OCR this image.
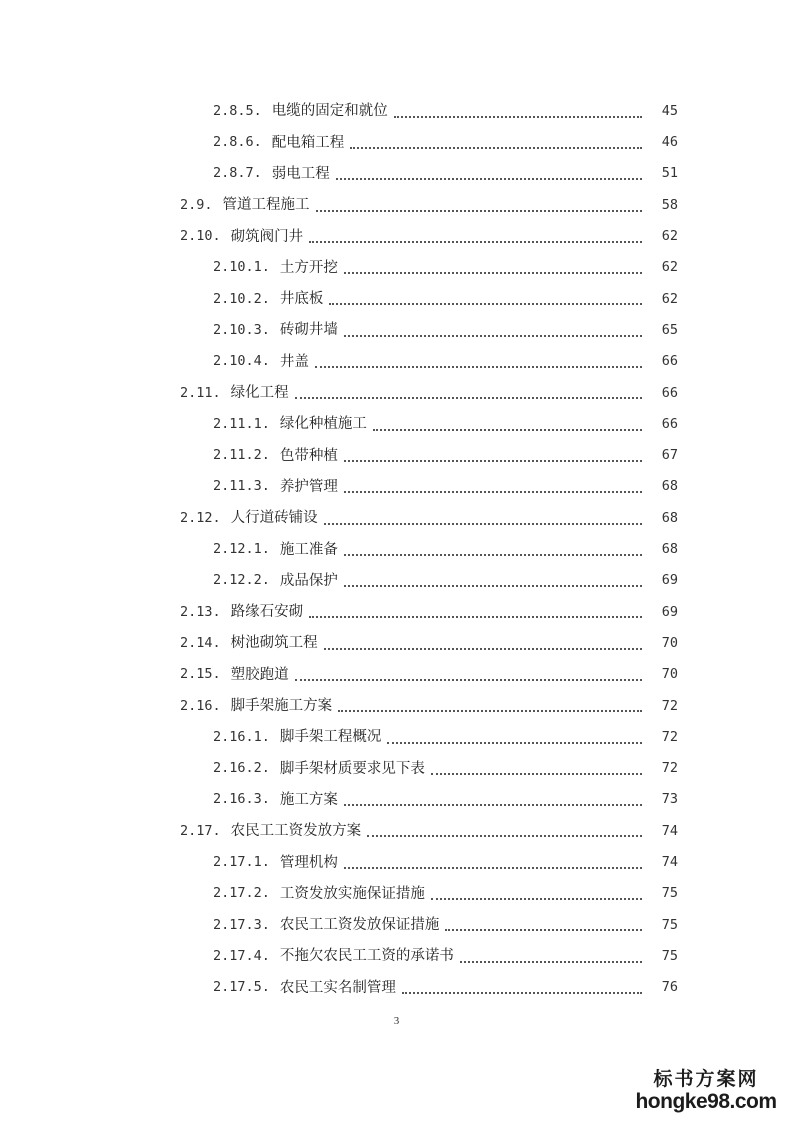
2.8.5. 电缆的固定和就位	45
2.8.6. 配电箱工程	46
2.8.7. 弱电工程	51
2.9. 管道工程施工	58
2.10. 砌筑阀门井	62
2.10.1. 土方开挖	62
2.10.2. 井底板	62
2.10.3. 砖砌井墙	65
2.10.4. 井盖	66
2.11. 绿化工程	66
2.11.1. 绿化种植施工	66
2.11.2. 色带种植	67
2.11.3. 养护管理	68
2.12. 人行道砖铺设	68
2.12.1. 施工准备	68
2.12.2. 成品保护	69
2.13. 路缘石安砌	69
2.14. 树池砌筑工程	70
2.15. 塑胶跑道	70
2.16. 脚手架施工方案	72
2.16.1. 脚手架工程概况	72
2.16.2. 脚手架材质要求见下表	72
2.16.3. 施工方案	73
2.17. 农民工工资发放方案	74
2.17.1. 管理机构	74
2.17.2. 工资发放实施保证措施	75
2.17.3. 农民工工资发放保证措施	75
2.17.4. 不拖欠农民工工资的承诺书	75
2.17.5. 农民工实名制管理	76
3
标书方案网
hongke98.com
